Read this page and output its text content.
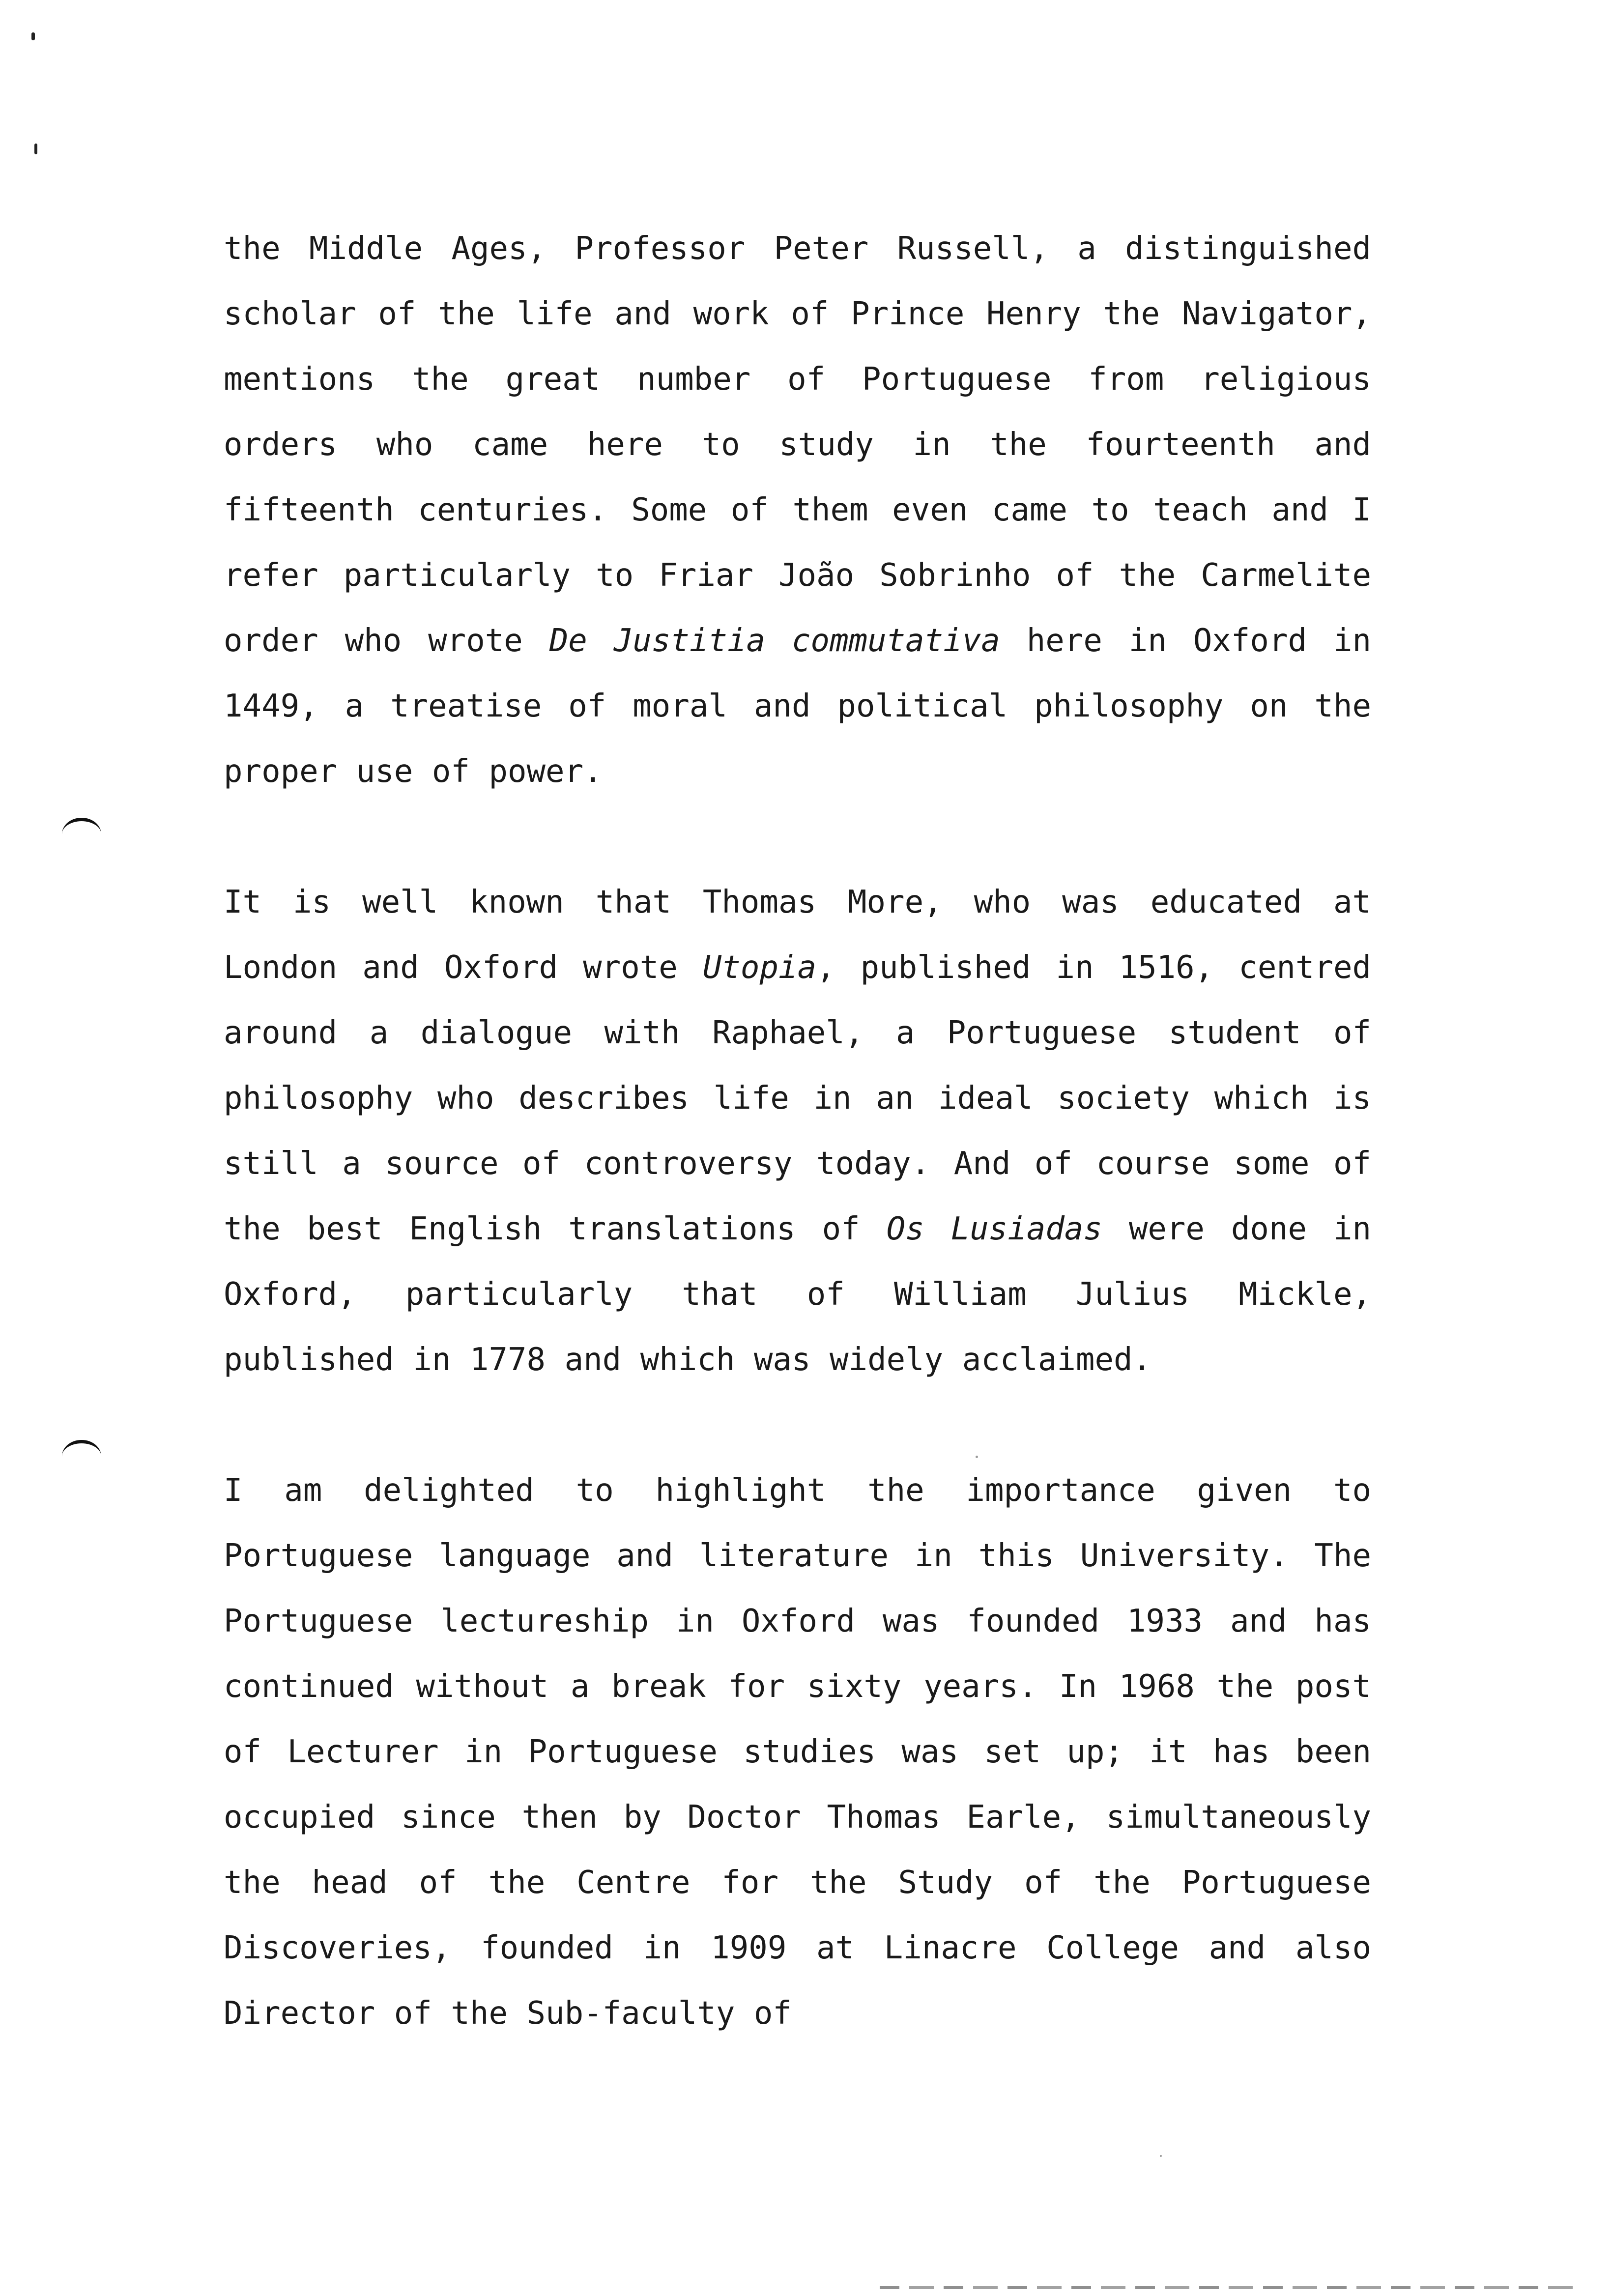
the Middle Ages, Professor Peter Russell, a distinguished scholar of the life and work of Prince Henry the Navigator, mentions the great number of Portuguese from religious orders who came here to study in the fourteenth and fifteenth centuries. Some of them even came to teach and I refer particularly to Friar João Sobrinho of the Carmelite order who wrote De Justitia commutativa here in Oxford in 1449, a treatise of moral and political philosophy on the proper use of power.

It is well known that Thomas More, who was educated at London and Oxford wrote Utopia, published in 1516, centred around a dialogue with Raphael, a Portuguese student of philosophy who describes life in an ideal society which is still a source of controversy today. And of course some of the best English translations of Os Lusiadas were done in Oxford, particularly that of William Julius Mickle, published in 1778 and which was widely acclaimed.

I am delighted to highlight the importance given to Portuguese language and literature in this University. The Portuguese lectureship in Oxford was founded 1933 and has continued without a break for sixty years. In 1968 the post of Lecturer in Portuguese studies was set up; it has been occupied since then by Doctor Thomas Earle, simultaneously the head of the Centre for the Study of the Portuguese Discoveries, founded in 1909 at Linacre College and also Director of the Sub-faculty of
